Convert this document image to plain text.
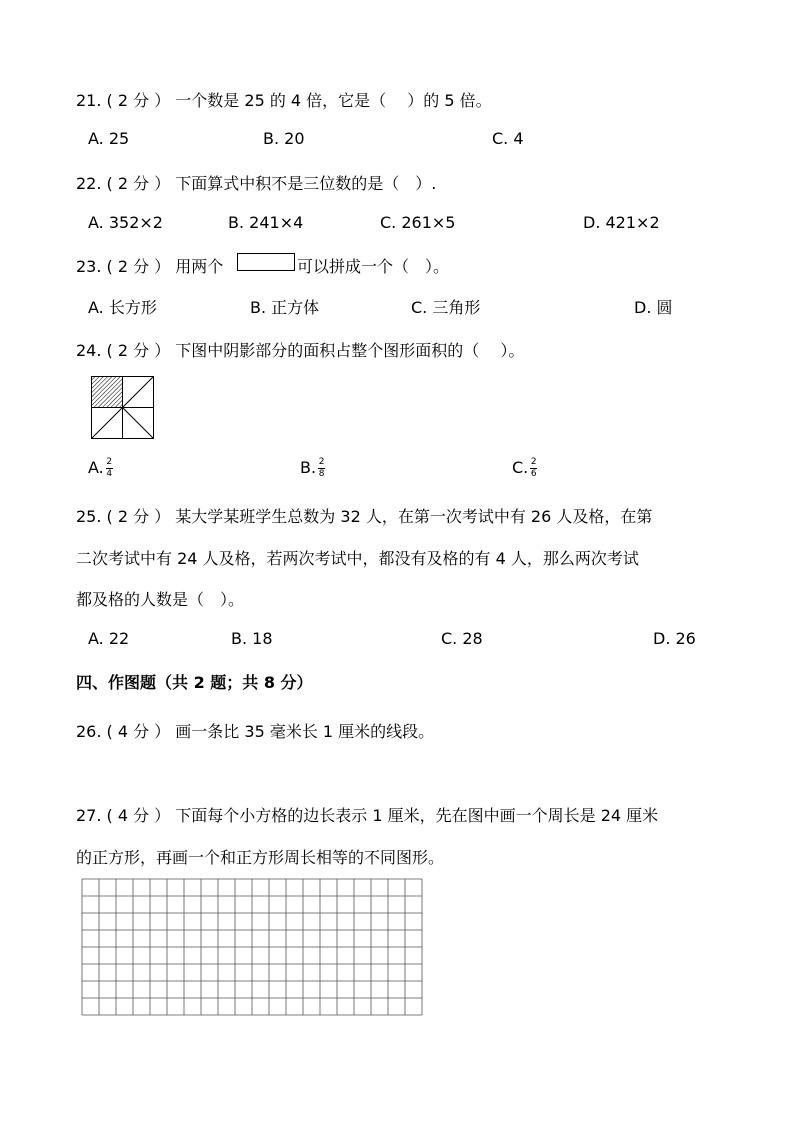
21. ( 2 分 ） 一个数是 25 的 4 倍，它是（　 ）的 5 倍。
A. 25	B. 20	C. 4
22. ( 2 分 ） 下面算式中积不是三位数的是（　）.
A. 352×2	B. 241×4	C. 261×5	D. 421×2
23. ( 2 分 ） 用两个	可以拼成一个（　）。
A. 长方形	B. 正方体	C. 三角形	D. 圆
24. ( 2 分 ） 下图中阴影部分的面积占整个图形面积的（　 ）。
A. $\frac{2}{4}$	B. $\frac{2}{8}$	C. $\frac{2}{6}$
25. ( 2 分 ） 某大学某班学生总数为 32 人，在第一次考试中有 26 人及格，在第
二次考试中有 24 人及格，若两次考试中，都没有及格的有 4 人，那么两次考试
都及格的人数是（　）。
A. 22	B. 18	C. 28	D. 26
四、作图题（共 2 题；共 8 分）
26. ( 4 分 ） 画一条比 35 毫米长 1 厘米的线段。
27. ( 4 分 ） 下面每个小方格的边长表示 1 厘米，先在图中画一个周长是 24 厘米
的正方形，再画一个和正方形周长相等的不同图形。
